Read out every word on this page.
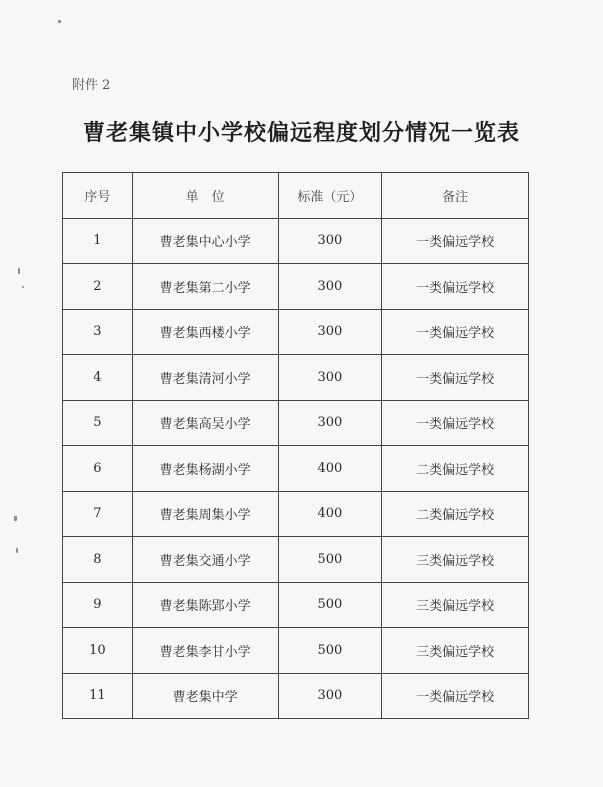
附件 2
曹老集镇中小学校偏远程度划分情况一览表
序号	单　位	标准（元）	备注
1	曹老集中心小学	300	一类偏远学校
2	曹老集第二小学	300	一类偏远学校
3	曹老集西楼小学	300	一类偏远学校
4	曹老集清河小学	300	一类偏远学校
5	曹老集高吴小学	300	一类偏远学校
6	曹老集杨湖小学	400	二类偏远学校
7	曹老集周集小学	400	二类偏远学校
8	曹老集交通小学	500	三类偏远学校
9	曹老集陈郢小学	500	三类偏远学校
10	曹老集李甘小学	500	三类偏远学校
11	曹老集中学	300	一类偏远学校
